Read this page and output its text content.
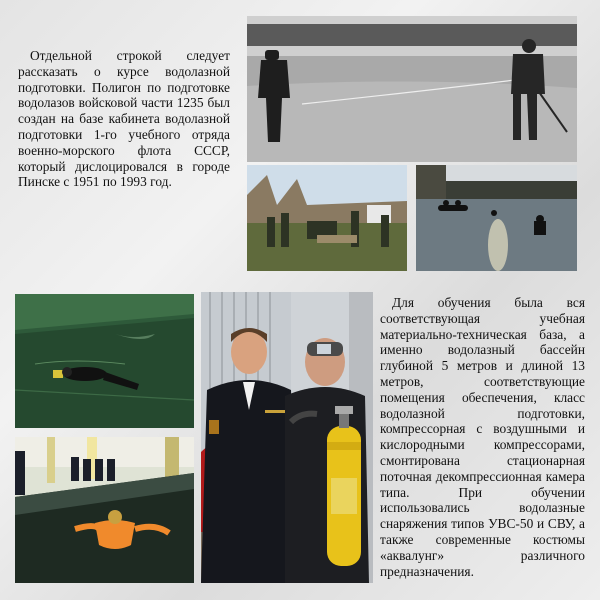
Отдельной строкой следует рассказать о курсе водолазной подготовки. Полигон по подготовке водолазов войсковой части 1235 был создан на базе кабинета водолазной подготовки 1-го учебного отряда военно-морского флота СССР, который дислоцировался в городе Пинске с 1951 по 1993 год.

Для обучения была вся соответствующая учебная материально-техническая база, а именно водолазный бассейн глубиной 5 метров и длиной 13 метров, соответствующие помещения обеспечения, класс водолазной подготовки, компрессорная с воздушными и кислородными компрессорами, смонтирована стационарная поточная декомпрессионная камера типа. При обучении использовались водолазные снаряжения типов УВС-50 и СВУ, а также современные костюмы «аквалунг» различного предназначения.
